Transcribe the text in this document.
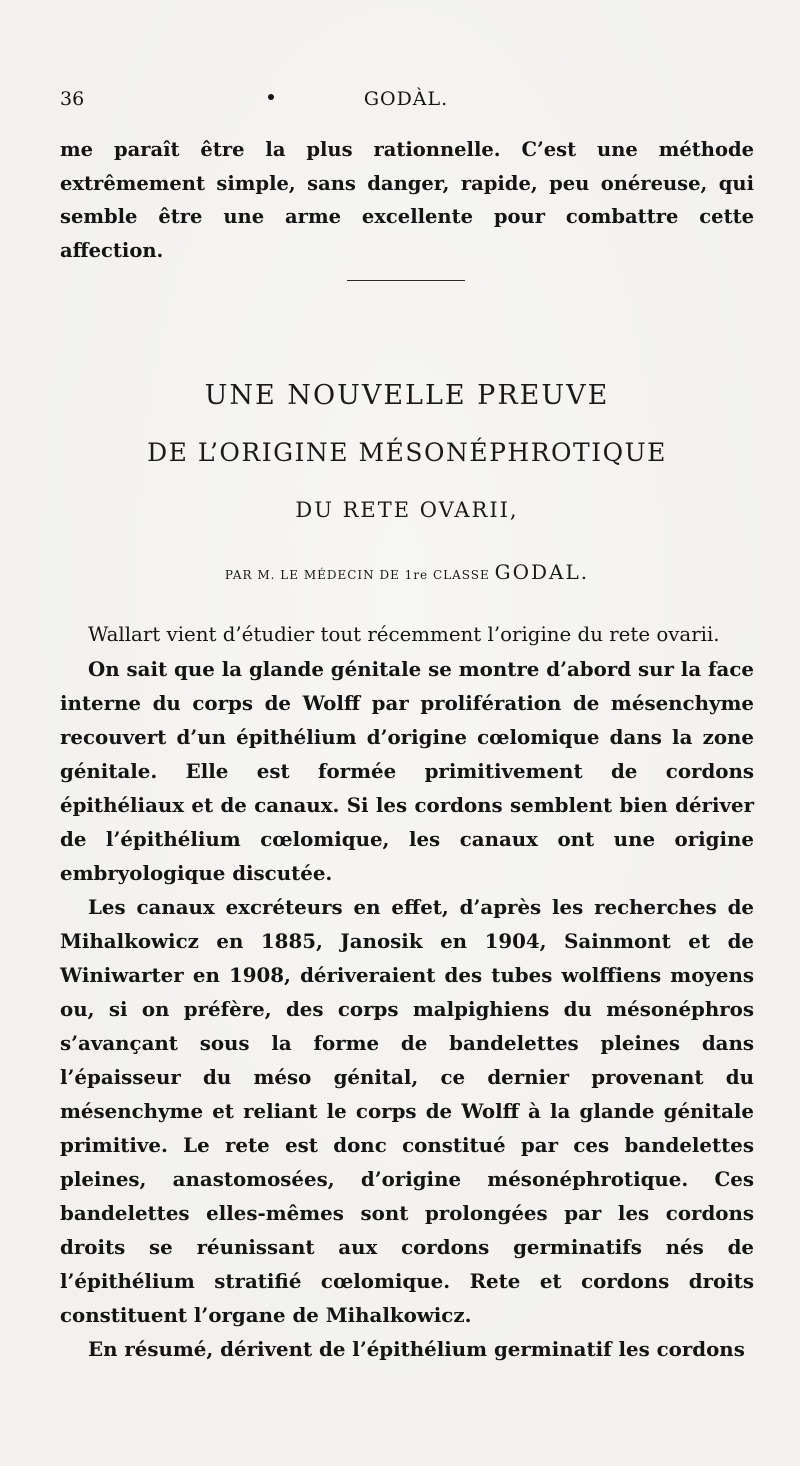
36	GODÀL.

me paraît être la plus rationnelle. C’est une méthode extrêmement simple, sans danger, rapide, peu onéreuse, qui semble être une arme excellente pour combattre cette affection.

UNE NOUVELLE PREUVE
DE L’ORIGINE MÉSONÉPHROTIQUE
DU RETE OVARII,
PAR M. LE MÉDECIN DE 1re CLASSE GODAL.

Wallart vient d’étudier tout récemment l’origine du rete ovarii.

On sait que la glande génitale se montre d’abord sur la face interne du corps de Wolff par prolifération de mésenchyme recouvert d’un épithélium d’origine cœlomique dans la zone génitale. Elle est formée primitivement de cordons épithéliaux et de canaux. Si les cordons semblent bien dériver de l’épithélium cœlomique, les canaux ont une origine embryologique discutée.

Les canaux excréteurs en effet, d’après les recherches de Mihalkowicz en 1885, Janosik en 1904, Sainmont et de Winiwarter en 1908, dériveraient des tubes wolffiens moyens ou, si on préfère, des corps malpighiens du mésonéphros s’avançant sous la forme de bandelettes pleines dans l’épaisseur du méso génital, ce dernier provenant du mésenchyme et reliant le corps de Wolff à la glande génitale primitive. Le rete est donc constitué par ces bandelettes pleines, anastomosées, d’origine mésonéphrotique. Ces bandelettes elles-mêmes sont prolongées par les cordons droits se réunissant aux cordons germinatifs nés de l’épithélium stratifié cœlomique. Rete et cordons droits constituent l’organe de Mihalkowicz.

En résumé, dérivent de l’épithélium germinatif les cordons
